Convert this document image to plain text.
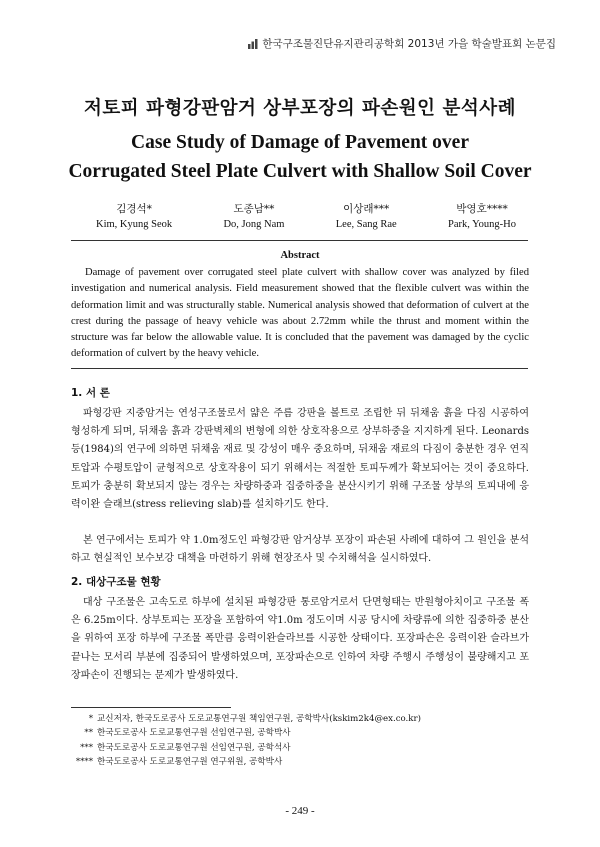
한국구조물진단유지관리공학회 2013년 가을 학술발표회 논문집
저토피 파형강판암거 상부포장의 파손원인 분석사례
Case Study of Damage of Pavement over
Corrugated Steel Plate Culvert with Shallow Soil Cover
김경석*
Kim, Kyung Seok
도종남**
Do, Jong Nam
이상래***
Lee, Sang Rae
박영호****
Park, Young-Ho
Abstract

Damage of pavement over corrugated steel plate culvert with shallow cover was analyzed by filed investigation and numerical analysis. Field measurement showed that the flexible culvert was within the deformation limit and was structurally stable. Numerical analysis showed that deformation of culvert at the crest during the passage of heavy vehicle was about 2.72mm while the thrust and moment within the structure was far below the allowable value. It is concluded that the pavement was damaged by the cyclic deformation of culvert by the heavy vehicle.

1. 서 론

파형강판 지중암거는 연성구조물로서 얇은 주름 강판을 볼트로 조립한 뒤 뒤채움 흙을 다짐 시공하여 형성하게 되며, 뒤채움 흙과 강판벽체의 변형에 의한 상호작용으로 상부하중을 지지하게 된다. Leonards 등(1984)의 연구에 의하면 뒤채움 재료 및 강성이 매우 중요하며, 뒤채움 재료의 다짐이 충분한 경우 연직토압과 수평토압이 균형적으로 상호작용이 되기 위해서는 적절한 토피두께가 확보되어는 것이 중요하다. 토피가 충분히 확보되지 않는 경우는 차량하중과 집중하중을 분산시키기 위해 구조물 상부의 토피내에 응력이완 슬래브(stress relieving slab)를 설치하기도 한다.

본 연구에서는 토피가 약 1.0m정도인 파형강판 암거상부 포장이 파손된 사례에 대하여 그 원인을 분석하고 현실적인 보수보강 대책을 마련하기 위해 현장조사 및 수치해석을 실시하였다.

2. 대상구조물 현황

대상 구조물은 고속도로 하부에 설치된 파형강판 통로암거로서 단면형태는 반원형아치이고 구조물 폭은 6.25m이다. 상부토피는 포장을 포함하여 약1.0m 정도이며 시공 당시에 차량류에 의한 집중하중 분산을 위하여 포장 하부에 구조물 폭만큼 응력이완슬라브를 시공한 상태이다. 포장파손은 응력이완 슬라브가 끝나는 모서리 부분에 집중되어 발생하였으며, 포장파손으로 인하여 차량 주행시 주행성이 불량해지고 포장파손이 진행되는 문제가 발생하였다.

* 교신저자, 한국도로공사 도로교통연구원 책임연구원, 공학박사(kskim2k4@ex.co.kr)
** 한국도로공사 도로교통연구원 선임연구원, 공학박사
*** 한국도로공사 도로교통연구원 선임연구원, 공학석사
**** 한국도로공사 도로교통연구원 연구위원, 공학박사
- 249 -
